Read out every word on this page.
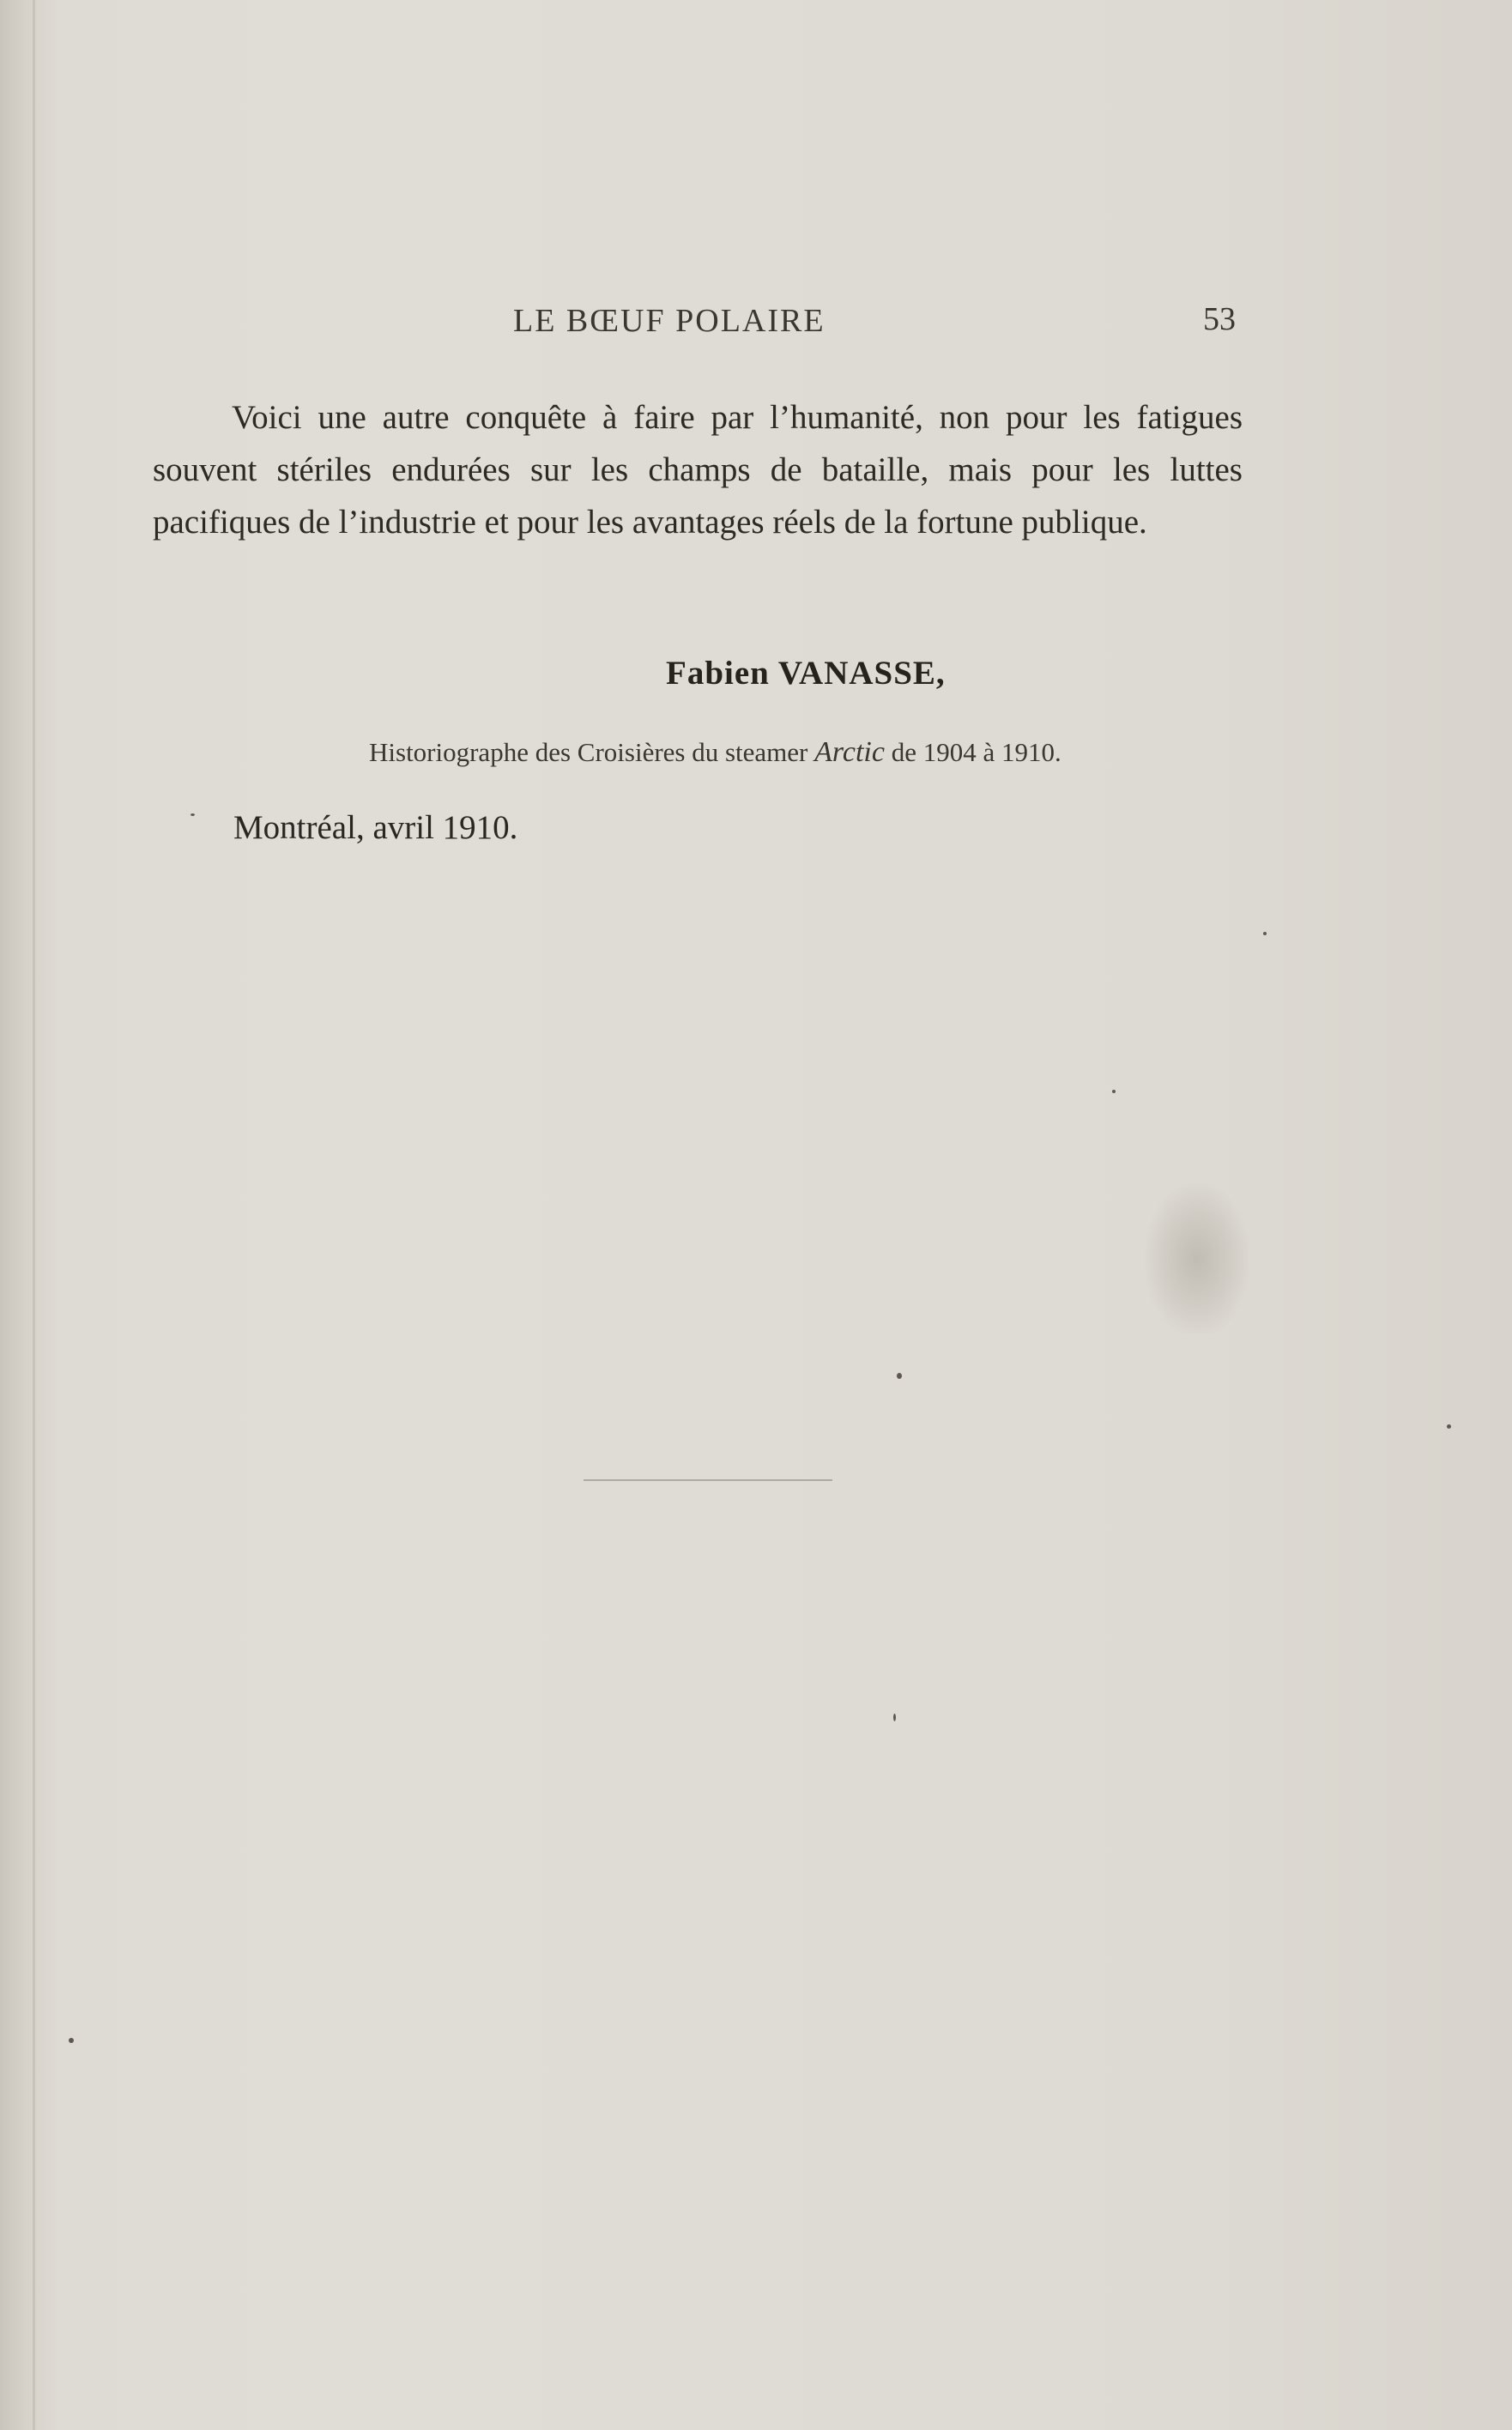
LE BŒUF POLAIRE	53

Voici une autre conquête à faire par l’humanité, non pour les fatigues souvent stériles endurées sur les champs de bataille, mais pour les luttes pacifiques de l’industrie et pour les avantages réels de la fortune publique.

Fabien VANASSE,
Historiographe des Croisières du steamer Arctic de 1904 à 1910.
Montréal, avril 1910.
